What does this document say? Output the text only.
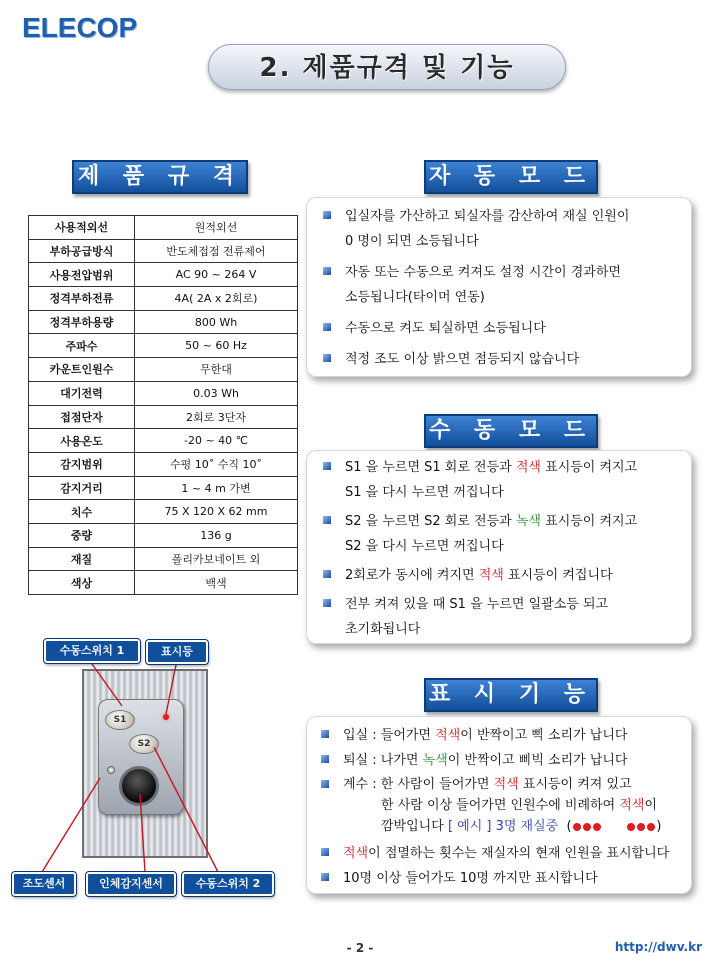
ELECOP
2. 제품규격 및 기능
제 품 규 격
사용적외선	원적외선
부하공급방식	반도체접점 전류제어
사용전압범위	AC 90 ~ 264 V
정격부하전류	4A( 2A x 2회로)
정격부하용량	800 Wh
주파수	50 ~ 60 Hz
카운트인원수	무한대
대기전력	0.03 Wh
접점단자	2회로 3단자
사용온도	-20 ~ 40 ℃
감지범위	수평 10˚ 수직 10˚
감지거리	1 ~ 4 m 가변
치수	75 X 120 X 62 mm
중량	136 g
재질	폴리카보네이트 외
색상	백색
자 동 모 드
입실자를 가산하고 퇴실자를 감산하여 재실 인원이
0 명이 되면 소등됩니다
자동 또는 수동으로 켜져도 설정 시간이 경과하면
소등됩니다(타이머 연동)
수동으로 켜도 퇴실하면 소등됩니다
적정 조도 이상 밝으면 점등되지 않습니다
수 동 모 드
S1 을 누르면 S1 회로 전등과 적색 표시등이 켜지고
S1 을 다시 누르면 꺼집니다
S2 을 누르면 S2 회로 전등과 녹색 표시등이 켜지고
S2 을 다시 누르면 꺼집니다
2회로가 동시에 켜지면 적색 표시등이 켜집니다
전부 켜져 있을 때 S1 을 누르면 일괄소등 되고
초기화됩니다
표 시 기 능
입실 : 들어가면 적색이 반짝이고 삑 소리가 납니다
퇴실 : 나가면 녹색이 반짝이고 삐빅 소리가 납니다
계수 : 한 사람이 들어가면 적색 표시등이 켜져 있고
한 사람 이상 들어가면 인원수에 비례하여 적색이
깜박입니다 [ 예시 ] 3명 재실중 (	)
적색이 점멸하는 횟수는 재실자의 현재 인원을 표시합니다
10명 이상 들어가도 10명 까지만 표시합니다
S1
S2
수동스위치 1	표시등
조도센서	인체감지센서	수동스위치 2
- 2 -	http://dwv.kr
